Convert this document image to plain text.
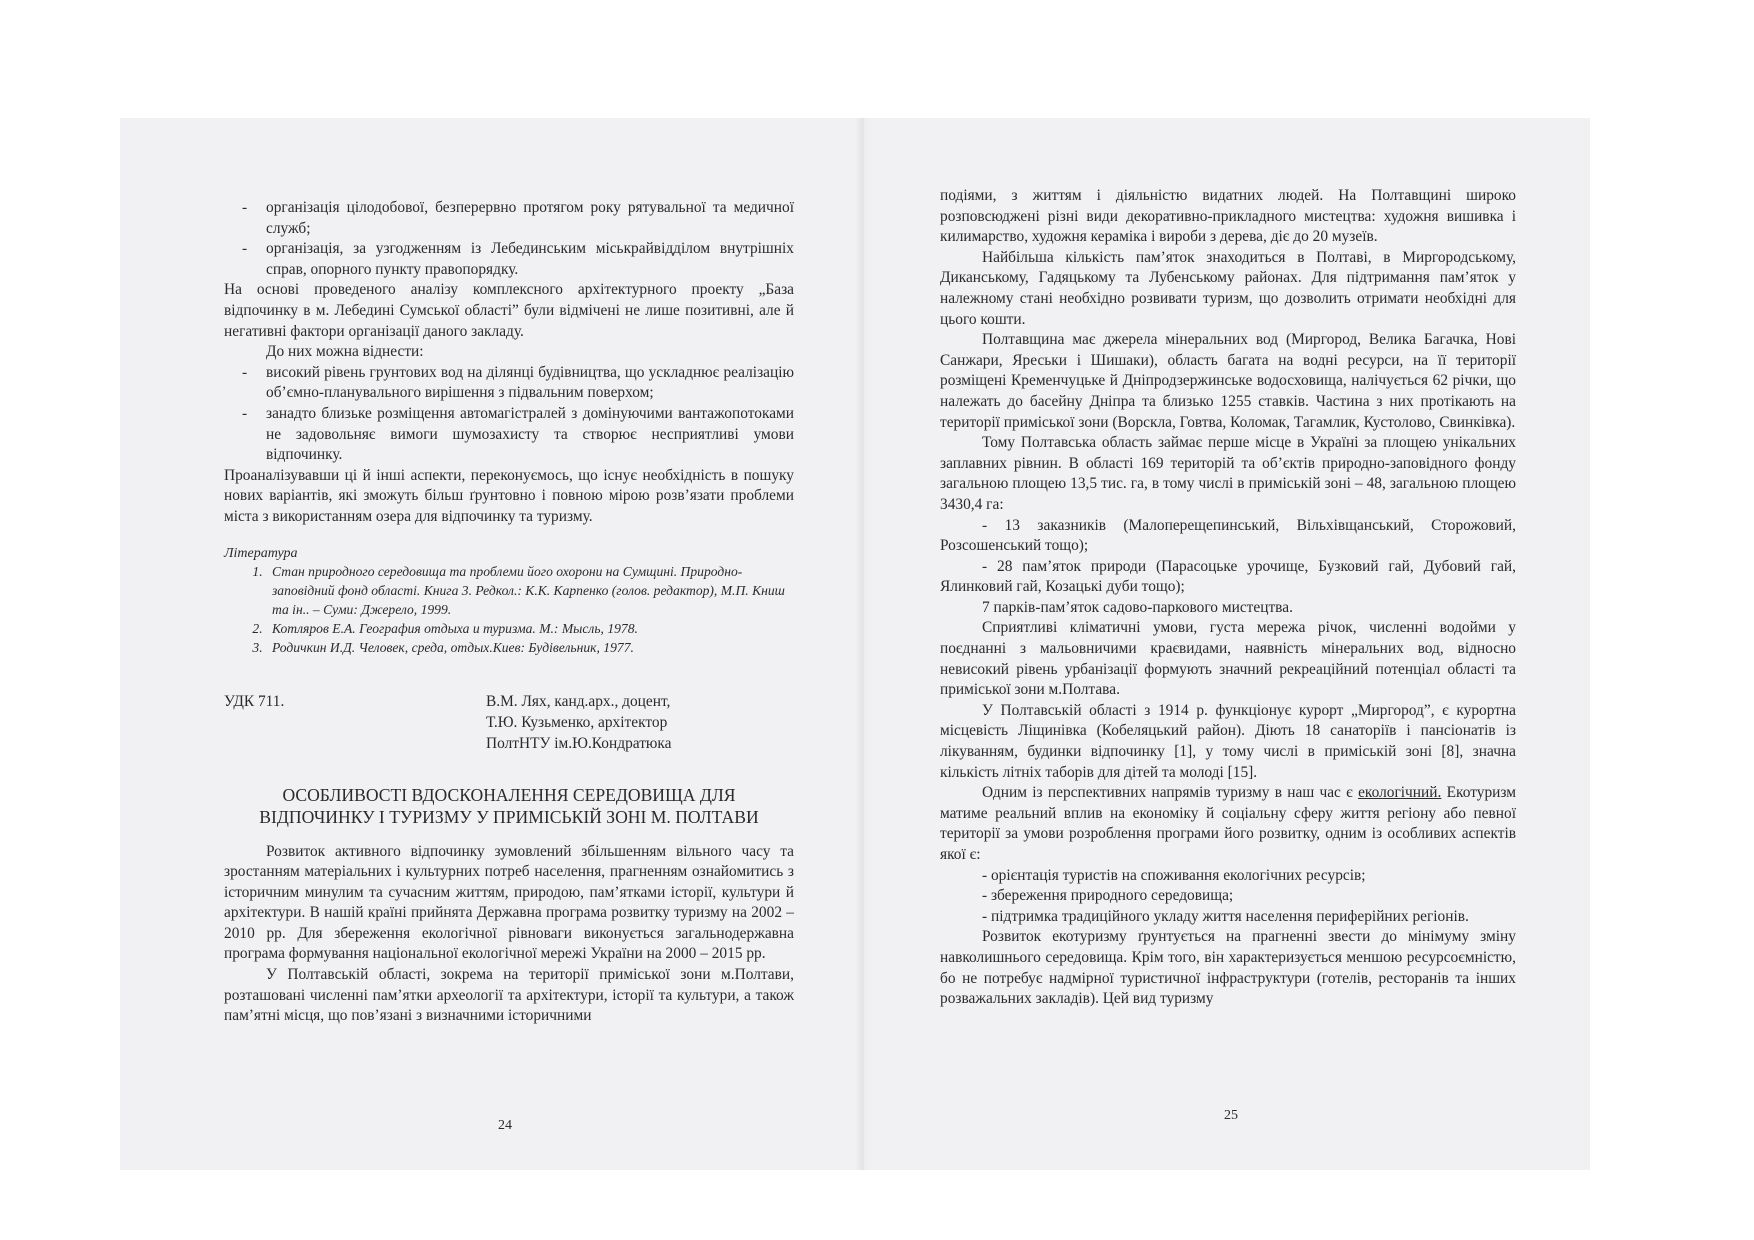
- організація цілодобової, безперервно протягом року рятувальної та медичної служб;
- організація, за узгодженням із Лебединським міськрайвідділом внутрішніх справ, опорного пункту правопорядку.

На основі проведеного аналізу комплексного архітектурного проекту „База відпочинку в м. Лебедині Сумської області” були відмічені не лише позитивні, але й негативні фактори організації даного закладу.

До них можна віднести:

- високий рівень грунтових вод на ділянці будівництва, що ускладнює реалізацію об’ємно-планувального вирішення з підвальним поверхом;
- занадто близьке розміщення автомагістралей з домінуючими вантажопотоками не задовольняє вимоги шумозахисту та створює несприятливі умови відпочинку.

Проаналізувавши ці й інші аспекти, переконуємось, що існує необхідність в пошуку нових варіантів, які зможуть більш ґрунтовно і повною мірою розв’язати проблеми міста з використанням озера для відпочинку та туризму.

Література

1. Стан природного середовища та проблеми його охорони на Сумщині. Природно-заповідний фонд області. Книга 3. Редкол.: К.К. Карпенко (голов. редактор), М.П. Книш та ін.. – Суми: Джерело, 1999.
2. Котляров Е.А. География отдыха и туризма. М.: Мысль, 1978.
3. Родичкин И.Д. Человек, среда, отдых.Киев: Будівельник, 1977.
УДК 711.	В.М. Лях, канд.арх., доцент,
Т.Ю. Кузьменко, архітектор
ПолтНТУ ім.Ю.Кондратюка
ОСОБЛИВОСТІ ВДОСКОНАЛЕННЯ СЕРЕДОВИЩА ДЛЯ
ВІДПОЧИНКУ І ТУРИЗМУ У ПРИМІСЬКІЙ ЗОНІ М. ПОЛТАВИ

Розвиток активного відпочинку зумовлений збільшенням вільного часу та зростанням матеріальних і культурних потреб населення, прагненням ознайомитись з історичним минулим та сучасним життям, природою, пам’ятками історії, культури й архітектури. В нашій країні прийнята Державна програма розвитку туризму на 2002 – 2010 рр. Для збереження екологічної рівноваги виконується загальнодержавна програма формування національної екологічної мережі України на 2000 – 2015 рр.

У Полтавській області, зокрема на території приміської зони м.Полтави, розташовані численні пам’ятки археології та архітектури, історії та культури, а також пам’ятні місця, що пов’язані з визначними історичними

24

подіями, з життям і діяльністю видатних людей. На Полтавщині широко розповсюджені різні види декоративно-прикладного мистецтва: художня вишивка і килимарство, художня кераміка і вироби з дерева, діє до 20 музеїв.

Найбільша кількість пам’яток знаходиться в Полтаві, в Миргородському, Диканському, Гадяцькому та Лубенському районах. Для підтримання пам’яток у належному стані необхідно розвивати туризм, що дозволить отримати необхідні для цього кошти.

Полтавщина має джерела мінеральних вод (Миргород, Велика Багачка, Нові Санжари, Яреськи і Шишаки), область багата на водні ресурси, на її території розміщені Кременчуцьке й Дніпродзержинське водосховища, налічується 62 річки, що належать до басейну Дніпра та близько 1255 ставків. Частина з них протікають на території приміської зони (Ворскла, Говтва, Коломак, Тагамлик, Кустолово, Свинківка).

Тому Полтавська область займає перше місце в Україні за площею унікальних заплавних рівнин. В області 169 територій та об’єктів природно-заповідного фонду загальною площею 13,5 тис. га, в тому числі в приміській зоні – 48, загальною площею 3430,4 га:

- 13 заказників (Малоперещепинський, Вільхівщанський, Сторожовий, Розсошенський тощо);

- 28 пам’яток природи (Парасоцьке урочище, Бузковий гай, Дубовий гай, Ялинковий гай, Козацькі дуби тощо);

7 парків-пам’яток садово-паркового мистецтва.

Сприятливі кліматичні умови, густа мережа річок, численні водойми у поєднанні з мальовничими краєвидами, наявність мінеральних вод, відносно невисокий рівень урбанізації формують значний рекреаційний потенціал області та приміської зони м.Полтава.

У Полтавській області з 1914 р. функціонує курорт „Миргород”, є курортна місцевість Ліщинівка (Кобеляцький район). Діють 18 санаторіїв і пансіонатів із лікуванням, будинки відпочинку [1], у тому числі в приміській зоні [8], значна кількість літніх таборів для дітей та молоді [15].

Одним із перспективних напрямів туризму в наш час є екологічний. Екотуризм матиме реальний вплив на економіку й соціальну сферу життя регіону або певної території за умови розроблення програми його розвитку, одним із особливих аспектів якої є:

- орієнтація туристів на споживання екологічних ресурсів;

- збереження природного середовища;

- підтримка традиційного укладу життя населення периферійних регіонів.

Розвиток екотуризму ґрунтується на прагненні звести до мінімуму зміну навколишнього середовища. Крім того, він характеризується меншою ресурсоємністю, бо не потребує надмірної туристичної інфраструктури (готелів, ресторанів та інших розважальних закладів). Цей вид туризму

25
